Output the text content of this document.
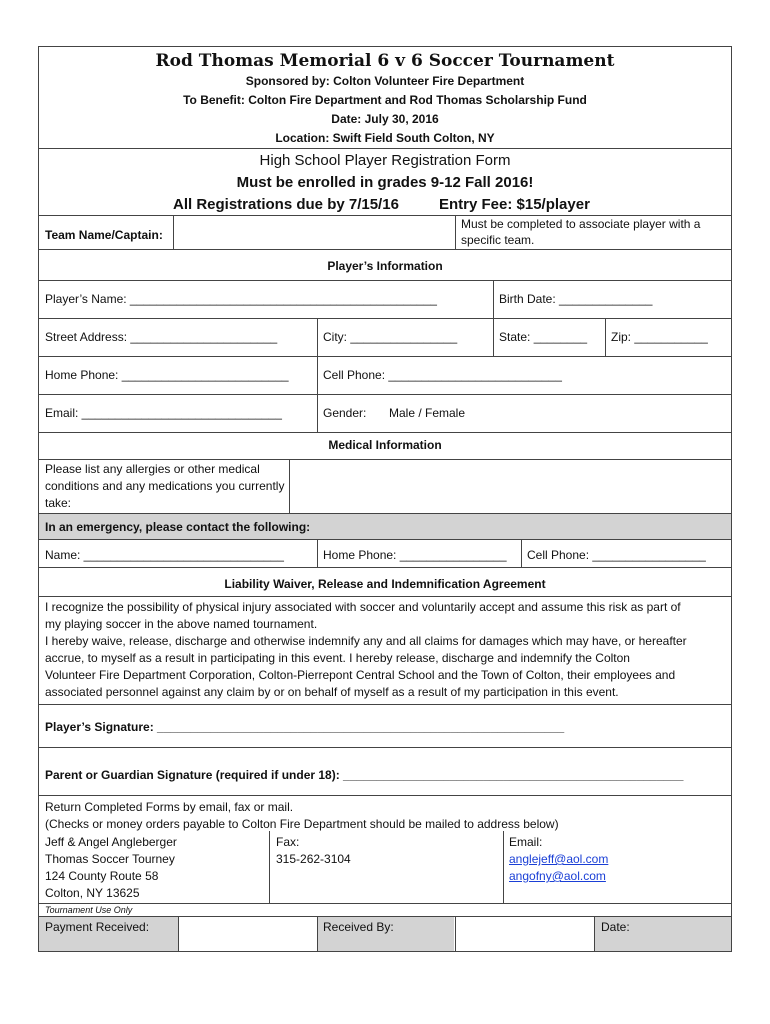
Rod Thomas Memorial 6 v 6 Soccer Tournament
Sponsored by: Colton Volunteer Fire Department
To Benefit: Colton Fire Department and Rod Thomas Scholarship Fund
Date: July 30, 2016
Location: Swift Field South Colton, NY
High School Player Registration Form
Must be enrolled in grades 9-12 Fall 2016!
All Registrations due by 7/15/16	Entry Fee: $15/player
Team Name/Captain:
Must be completed to associate player with a specific team.
Player’s Information
Player’s Name: ______________________________________________	Birth Date: ______________
Street Address: ______________________	City: ________________	State: ________ Zip: ___________
Home Phone: _________________________	Cell Phone: __________________________
Email: ______________________________	Gender: Male / Female
Medical Information
Please list any allergies or other medical conditions and any medications you currently take:
In an emergency, please contact the following:
Name: ______________________________	Home Phone: ________________ Cell Phone: _________________
Liability Waiver, Release and Indemnification Agreement
I recognize the possibility of physical injury associated with soccer and voluntarily accept and assume this risk as part of
my playing soccer in the above named tournament.
I hereby waive, release, discharge and otherwise indemnify any and all claims for damages which may have, or hereafter
accrue, to myself as a result in participating in this event. I hereby release, discharge and indemnify the Colton
Volunteer Fire Department Corporation, Colton-Pierrepont Central School and the Town of Colton, their employees and
associated personnel against any claim by or on behalf of myself as a result of my participation in this event.
Player’s Signature: _____________________________________________________________
Parent or Guardian Signature (required if under 18): ___________________________________________________
Return Completed Forms by email, fax or mail.
(Checks or money orders payable to Colton Fire Department should be mailed to address below)
Jeff & Angel Angleberger
Thomas Soccer Tourney
124 County Route 58
Colton, NY 13625
Fax:
315-262-3104
Email:
anglejeff@aol.com
angofny@aol.com
Tournament Use Only
Payment Received:	Received By:	Date:
